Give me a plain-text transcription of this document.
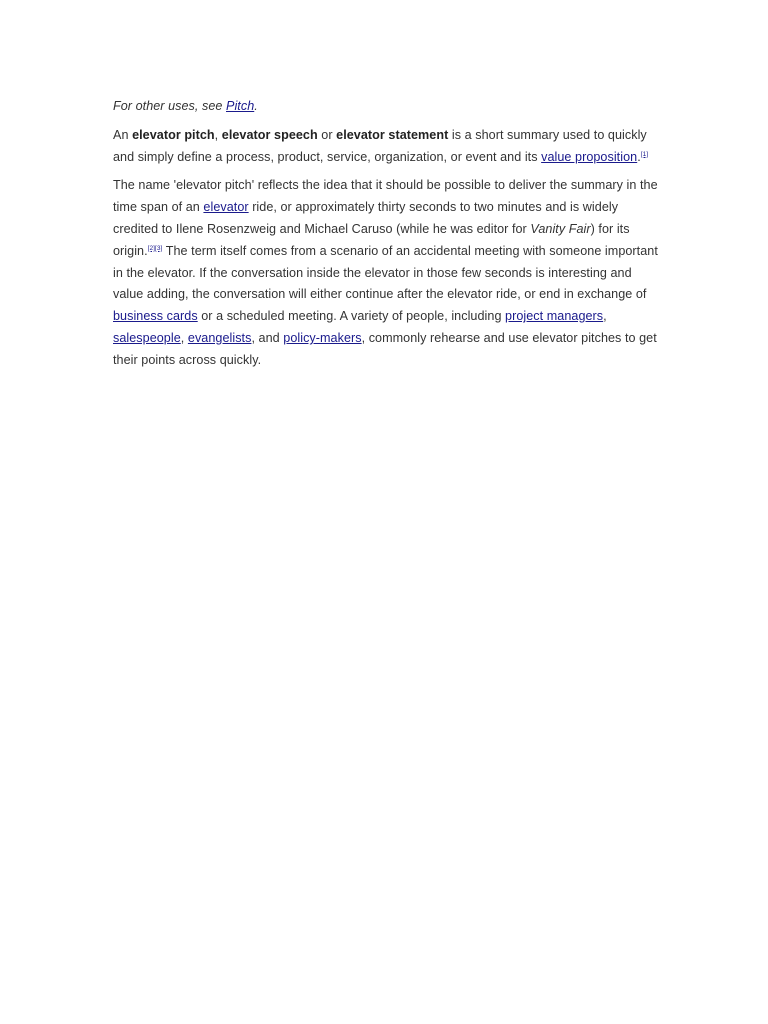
For other uses, see Pitch.

An elevator pitch, elevator speech or elevator statement is a short summary used to quickly and simply define a process, product, service, organization, or event and its value proposition.[1]

The name 'elevator pitch' reflects the idea that it should be possible to deliver the summary in the time span of an elevator ride, or approximately thirty seconds to two minutes and is widely credited to Ilene Rosenzweig and Michael Caruso (while he was editor for Vanity Fair) for its origin.[2][3] The term itself comes from a scenario of an accidental meeting with someone important in the elevator. If the conversation inside the elevator in those few seconds is interesting and value adding, the conversation will either continue after the elevator ride, or end in exchange of business cards or a scheduled meeting. A variety of people, including project managers, salespeople, evangelists, and policy-makers, commonly rehearse and use elevator pitches to get their points across quickly.
